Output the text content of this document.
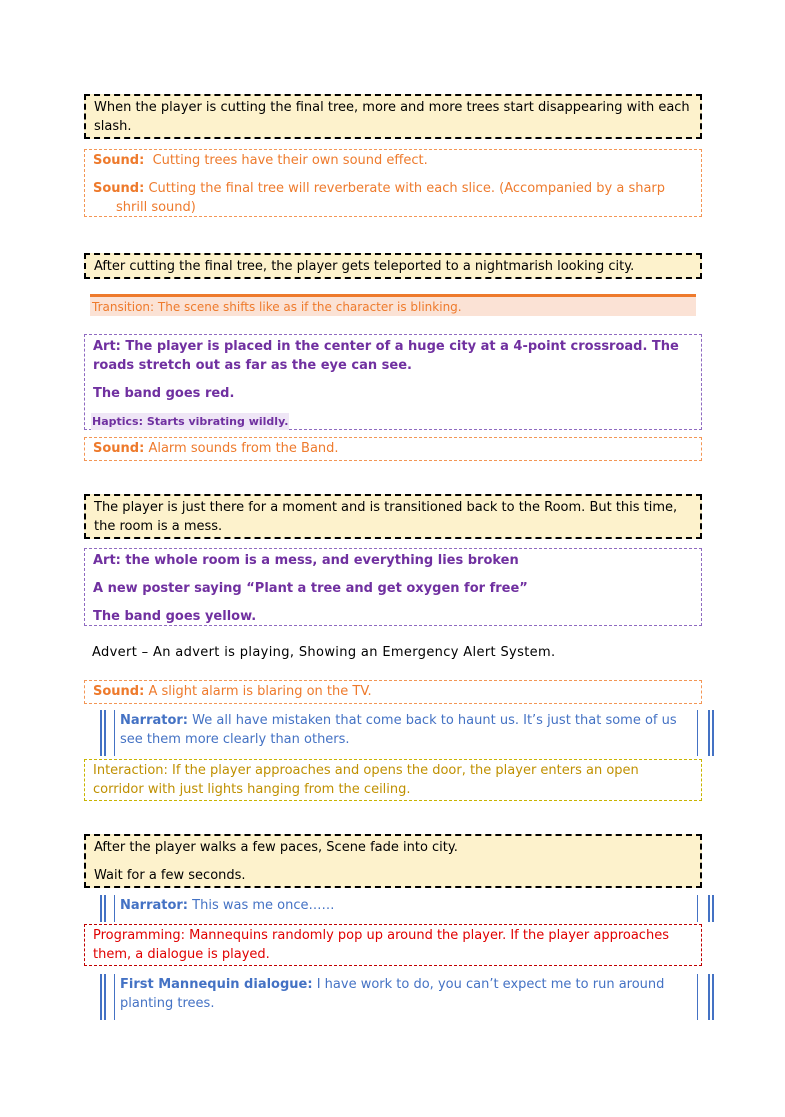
When the player is cutting the final tree, more and more trees start disappearing with each slash.

Sound: Cutting trees have their own sound effect.

Sound: Cutting the final tree will reverberate with each slice. (Accompanied by a sharp shrill sound)

After cutting the final tree, the player gets teleported to a nightmarish looking city.

Transition: The scene shifts like as if the character is blinking.

Art: The player is placed in the center of a huge city at a 4-point crossroad. The roads stretch out as far as the eye can see.

The band goes red.

Haptics: Starts vibrating wildly.

Sound: Alarm sounds from the Band.

The player is just there for a moment and is transitioned back to the Room. But this time, the room is a mess.

Art: the whole room is a mess, and everything lies broken

A new poster saying “Plant a tree and get oxygen for free”

The band goes yellow.

Advert – An advert is playing, Showing an Emergency Alert System.

Sound: A slight alarm is blaring on the TV.

Narrator: We all have mistaken that come back to haunt us. It’s just that some of us see them more clearly than others.

Interaction: If the player approaches and opens the door, the player enters an open corridor with just lights hanging from the ceiling.

After the player walks a few paces, Scene fade into city.

Wait for a few seconds.

Narrator: This was me once……

Programming: Mannequins randomly pop up around the player. If the player approaches them, a dialogue is played.

First Mannequin dialogue: I have work to do, you can’t expect me to run around planting trees.
